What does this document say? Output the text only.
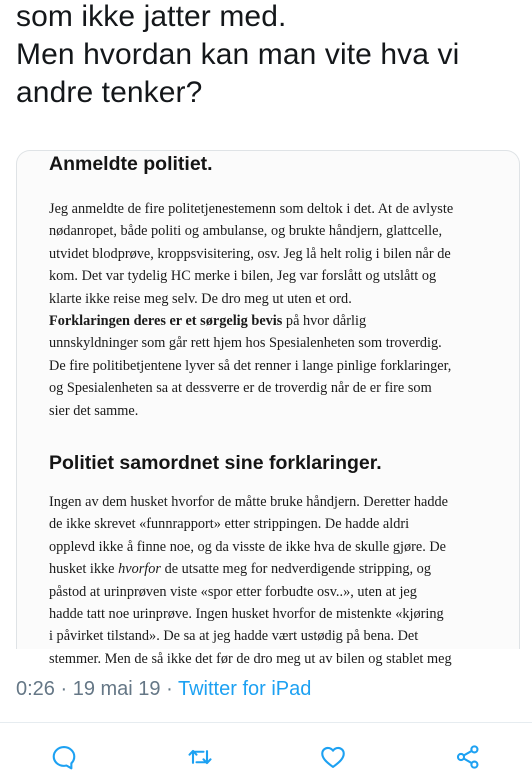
som ikke jatter med.
Men hvordan kan man vite hva vi
andre tenker?
Anmeldte politiet.
Jeg anmeldte de fire politetjenestemenn som deltok i det. At de avlyste
nødanropet, både politi og ambulanse, og brukte håndjern, glattcelle,
utvidet blodprøve, kroppsvisitering, osv. Jeg lå helt rolig i bilen når de
kom. Det var tydelig HC merke i bilen, Jeg var forslått og utslått og
klarte ikke reise meg selv. De dro meg ut uten et ord.
Forklaringen deres er et sørgelig bevis på hvor dårlig
unnskyldninger som går rett hjem hos Spesialenheten som troverdig.
De fire politibetjentene lyver så det renner i lange pinlige forklaringer,
og Spesialenheten sa at dessverre er de troverdig når de er fire som
sier det samme.
Politiet samordnet sine forklaringer.
Ingen av dem husket hvorfor de måtte bruke håndjern. Deretter hadde
de ikke skrevet «funnrapport» etter strippingen. De hadde aldri
opplevd ikke å finne noe, og da visste de ikke hva de skulle gjøre. De
husket ikke hvorfor de utsatte meg for nedverdigende stripping, og
påstod at urinprøven viste «spor etter forbudte osv..», uten at jeg
hadde tatt noe urinprøve. Ingen husket hvorfor de mistenkte «kjøring
i påvirket tilstand». De sa at jeg hadde vært ustødig på bena. Det
stemmer. Men de så ikke det før de dro meg ut av bilen og stablet meg
0:26 · 19 mai 19 · Twitter for iPad
